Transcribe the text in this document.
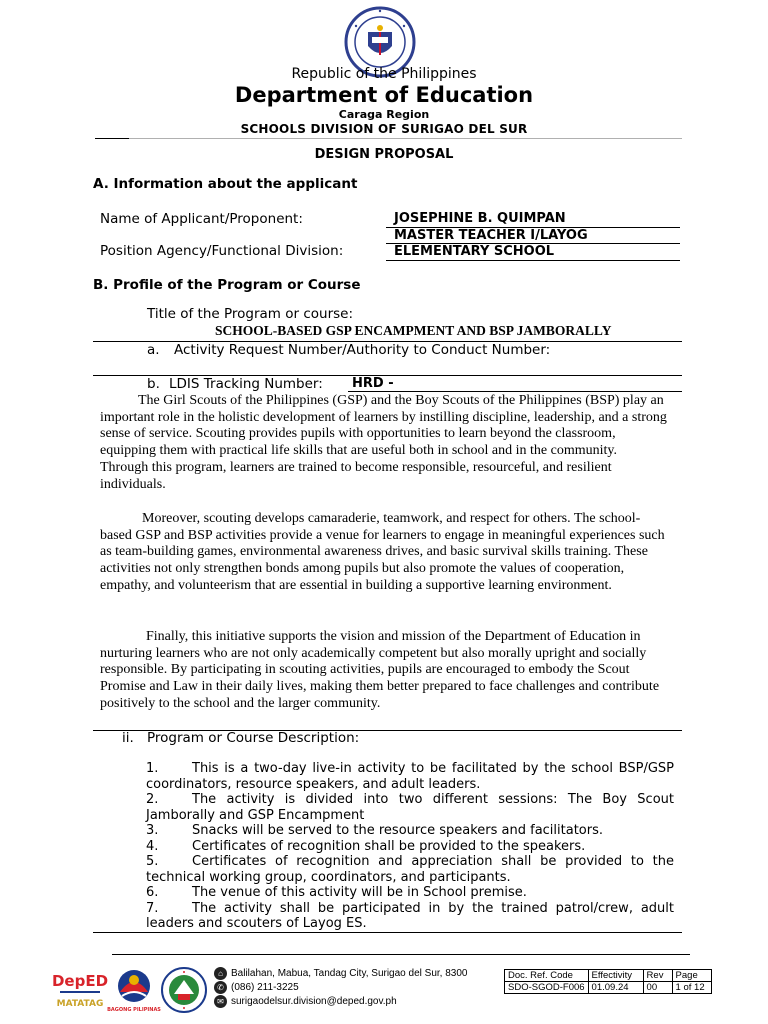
Republic of the Philippines
Department of Education
Caraga Region
SCHOOLS DIVISION OF SURIGAO DEL SUR
DESIGN PROPOSAL
A. Information about the applicant
Name of Applicant/Proponent:	JOSEPHINE B. QUIMPAN
MASTER TEACHER I/LAYOG
Position Agency/Functional Division:	ELEMENTARY SCHOOL
B. Profile of the Program or Course
Title of the Program or course:
SCHOOL-BASED GSP ENCAMPMENT AND BSP JAMBORALLY
a. Activity Request Number/Authority to Conduct Number:
b. LDIS Tracking Number: HRD -

The Girl Scouts of the Philippines (GSP) and the Boy Scouts of the Philippines (BSP) play an important role in the holistic development of learners by instilling discipline, leadership, and a strong sense of service. Scouting provides pupils with opportunities to learn beyond the classroom, equipping them with practical life skills that are useful both in school and in the community. Through this program, learners are trained to become responsible, resourceful, and resilient individuals.

Moreover, scouting develops camaraderie, teamwork, and respect for others. The school-based GSP and BSP activities provide a venue for learners to engage in meaningful experiences such as team-building games, environmental awareness drives, and basic survival skills training. These activities not only strengthen bonds among pupils but also promote the values of cooperation, empathy, and volunteerism that are essential in building a supportive learning environment.

Finally, this initiative supports the vision and mission of the Department of Education in nurturing learners who are not only academically competent but also morally upright and socially responsible. By participating in scouting activities, pupils are encouraged to embody the Scout Promise and Law in their daily lives, making them better prepared to face challenges and contribute positively to the school and the larger community.

ii. Program or Course Description:

1.	This is a two-day live-in activity to be facilitated by the school BSP/GSP coordinators, resource speakers, and adult leaders.

2.	The activity is divided into two different sessions: The Boy Scout Jamborally and GSP Encampment

3.	Snacks will be served to the resource speakers and facilitators.

4.	Certificates of recognition shall be provided to the speakers.

5.	Certificates of recognition and appreciation shall be provided to the technical working group, coordinators, and participants.

6.	The venue of this activity will be in School premise.

7.	The activity shall be participated in by the trained patrol/crew, adult leaders and scouters of Layog ES.

DepED
MATATAG
BAGONG PILIPINAS
⌂ Balilahan, Mabua, Tandag City, Surigao del Sur, 8300
✆ (086) 211-3225
✉ surigaodelsur.division@deped.gov.ph
Doc. Ref. Code	Effectivity	Rev	Page
SDO-SGOD-F006	01.09.24	00	1 of 12
